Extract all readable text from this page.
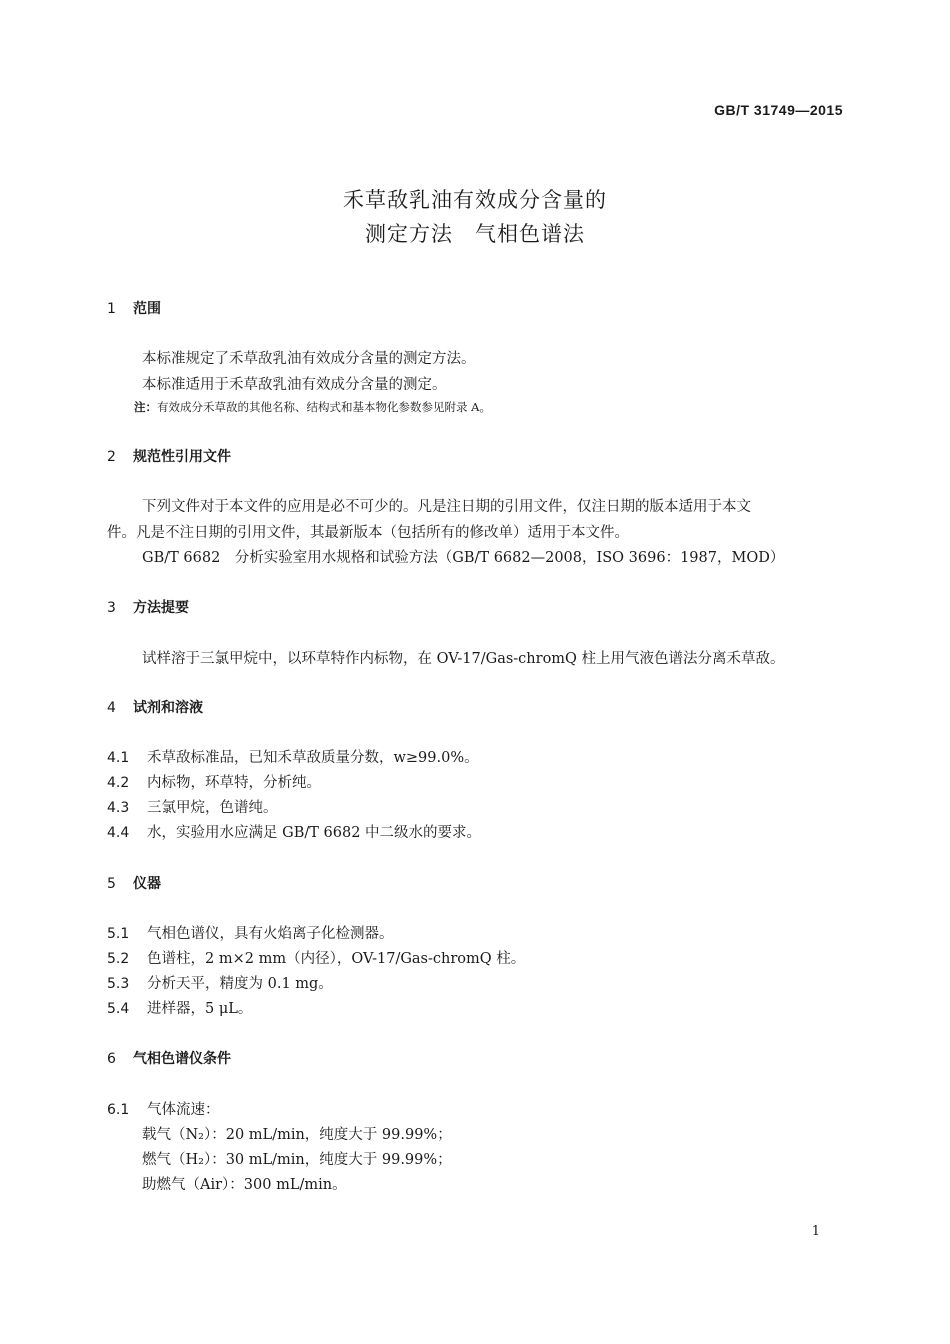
GB/T 31749—2015
禾草敌乳油有效成分含量的
测定方法　气相色谱法
1 范围
本标准规定了禾草敌乳油有效成分含量的测定方法。
本标准适用于禾草敌乳油有效成分含量的测定。
注：有效成分禾草敌的其他名称、结构式和基本物化参数参见附录 A。
2 规范性引用文件
下列文件对于本文件的应用是必不可少的。凡是注日期的引用文件，仅注日期的版本适用于本文
件。凡是不注日期的引用文件，其最新版本（包括所有的修改单）适用于本文件。
GB/T 6682　分析实验室用水规格和试验方法（GB/T 6682—2008，ISO 3696：1987，MOD）
3 方法提要
试样溶于三氯甲烷中，以环草特作内标物，在 OV-17/Gas-chromQ 柱上用气液色谱法分离禾草敌。
4 试剂和溶液
4.1 禾草敌标准品，已知禾草敌质量分数，w≥99.0%。
4.2 内标物，环草特，分析纯。
4.3 三氯甲烷，色谱纯。
4.4 水，实验用水应满足 GB/T 6682 中二级水的要求。
5 仪器
5.1 气相色谱仪，具有火焰离子化检测器。
5.2 色谱柱，2 m×2 mm（内径），OV-17/Gas-chromQ 柱。
5.3 分析天平，精度为 0.1 mg。
5.4 进样器，5 μL。
6 气相色谱仪条件
6.1 气体流速：
载气（N₂）：20 mL/min，纯度大于 99.99%；
燃气（H₂）：30 mL/min，纯度大于 99.99%；
助燃气（Air）：300 mL/min。
1
